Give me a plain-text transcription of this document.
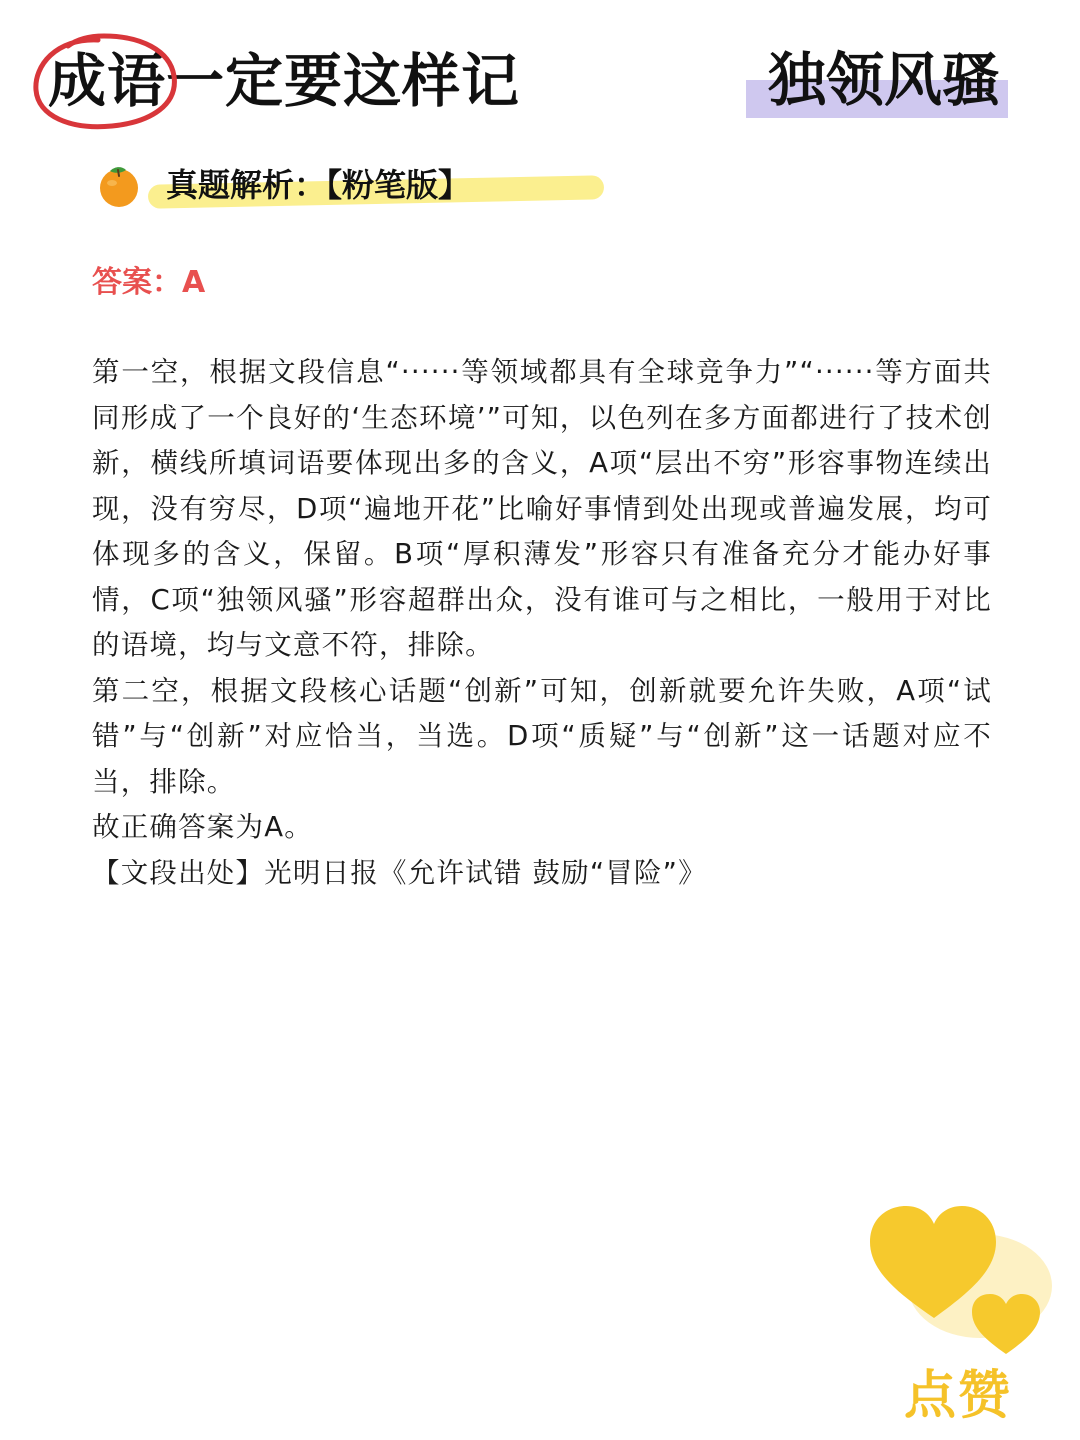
成语一定要这样记	独领风骚
真题解析：【粉笔版】
答案：A

第一空，根据文段信息“······等领域都具有全球竞争力”“······等方面共同形成了一个良好的‘生态环境’”可知，以色列在多方面都进行了技术创新，横线所填词语要体现出多的含义，A项“层出不穷”形容事物连续出现，没有穷尽，D项“遍地开花”比喻好事情到处出现或普遍发展，均可体现多的含义，保留。B项“厚积薄发”形容只有准备充分才能办好事情，C项“独领风骚”形容超群出众，没有谁可与之相比，一般用于对比的语境，均与文意不符，排除。

第二空，根据文段核心话题“创新”可知，创新就要允许失败，A项“试错”与“创新”对应恰当，当选。D项“质疑”与“创新”这一话题对应不当，排除。

故正确答案为A。

【文段出处】光明日报《允许试错 鼓励“冒险”》

点赞
